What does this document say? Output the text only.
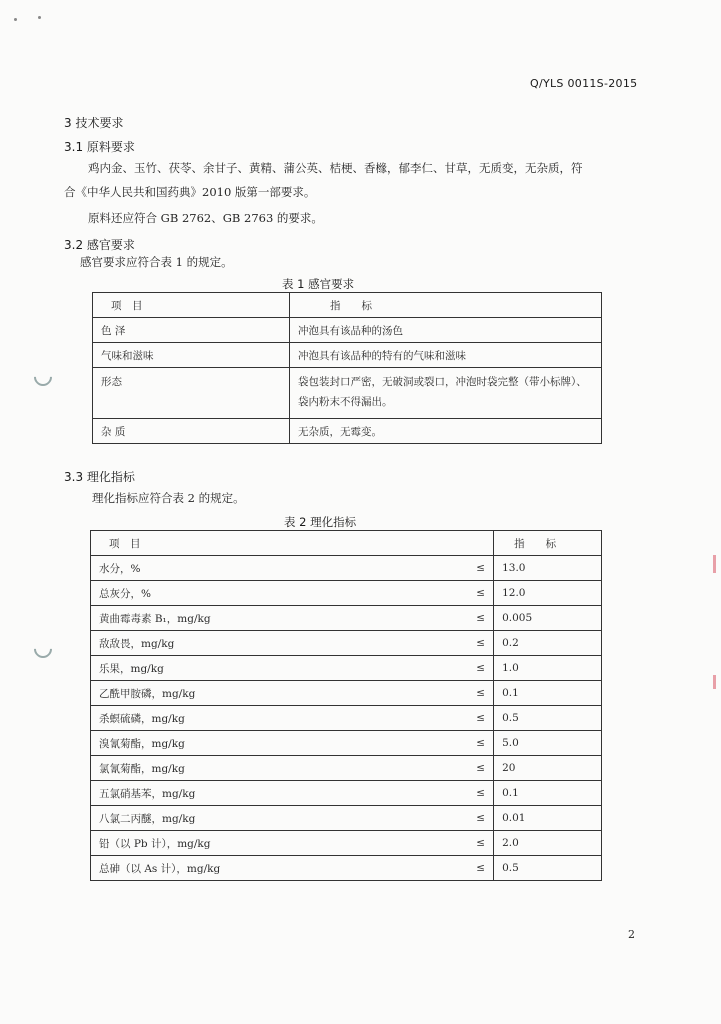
Q/YLS 0011S-2015
3 技术要求
3.1 原料要求
鸡内金、玉竹、茯苓、余甘子、黄精、蒲公英、桔梗、香橼，郁李仁、甘草，无质变，无杂质，符
合《中华人民共和国药典》2010 版第一部要求。
原料还应符合 GB 2762、GB 2763 的要求。
3.2 感官要求
感官要求应符合表 1 的规定。
表 1 感官要求
项　目	指　　标
色 泽	冲泡具有该品种的汤色
气味和滋味	冲泡具有该品种的特有的气味和滋味
形态	袋包装封口严密，无破洞或裂口，冲泡时袋完整（带小标牌）、袋内粉末不得漏出。
杂 质	无杂质，无霉变。
3.3 理化指标
理化指标应符合表 2 的规定。
表 2 理化指标
项　目		指　　标
水分，%	≤	13.0
总灰分，%	≤	12.0
黄曲霉毒素 B₁，mg/kg	≤	0.005
敌敌畏，mg/kg	≤	0.2
乐果，mg/kg	≤	1.0
乙酰甲胺磷，mg/kg	≤	0.1
杀螟硫磷，mg/kg	≤	0.5
溴氰菊酯，mg/kg	≤	5.0
氯氰菊酯，mg/kg	≤	20
五氯硝基苯，mg/kg	≤	0.1
八氯二丙醚，mg/kg	≤	0.01
铅（以 Pb 计），mg/kg	≤	2.0
总砷（以 As 计），mg/kg	≤	0.5
2
